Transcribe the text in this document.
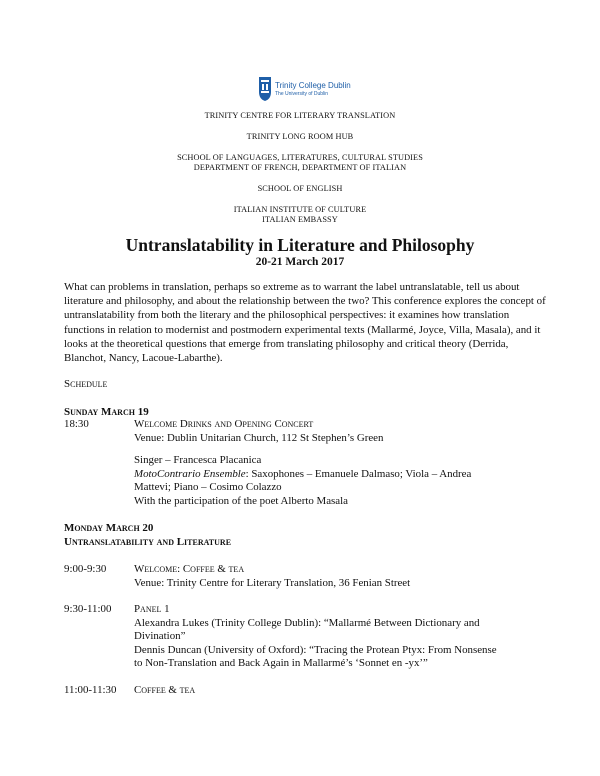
Trinity College Dublin
The University of Dublin
TRINITY CENTRE FOR LITERARY TRANSLATION
TRINITY LONG ROOM HUB
SCHOOL OF LANGUAGES, LITERATURES, CULTURAL STUDIES
DEPARTMENT OF FRENCH, DEPARTMENT OF ITALIAN
SCHOOL OF ENGLISH
ITALIAN INSTITUTE OF CULTURE
ITALIAN EMBASSY
Untranslatability in Literature and Philosophy
20-21 March 2017
What can problems in translation, perhaps so extreme as to warrant the label untranslatable, tell us about literature and philosophy, and about the relationship between the two? This conference explores the concept of untranslatability from both the literary and the philosophical perspectives: it examines how translation functions in relation to modernist and postmodern experimental texts (Mallarmé, Joyce, Villa, Masala), and it looks at the theoretical questions that emerge from translating philosophy and critical theory (Derrida, Blanchot, Nancy, Lacoue-Labarthe).
Schedule
Sunday March 19
18:30	Welcome Drinks and Opening Concert
Venue: Dublin Unitarian Church, 112 St Stephen’s Green
Singer – Francesca Placanica
MotoContrario Ensemble: Saxophones – Emanuele Dalmaso; Viola – Andrea
Mattevi; Piano – Cosimo Colazzo
With the participation of the poet Alberto Masala
Monday March 20
Untranslatability and Literature
9:00-9:30	Welcome: Coffee & tea
Venue: Trinity Centre for Literary Translation, 36 Fenian Street
9:30-11:00 Panel 1
Alexandra Lukes (Trinity College Dublin): “Mallarmé Between Dictionary and
Divination”
Dennis Duncan (University of Oxford): “Tracing the Protean Ptyx: From Nonsense
to Non-Translation and Back Again in Mallarmé’s ‘Sonnet en -yx’”
11:00-11:30 Coffee & tea
